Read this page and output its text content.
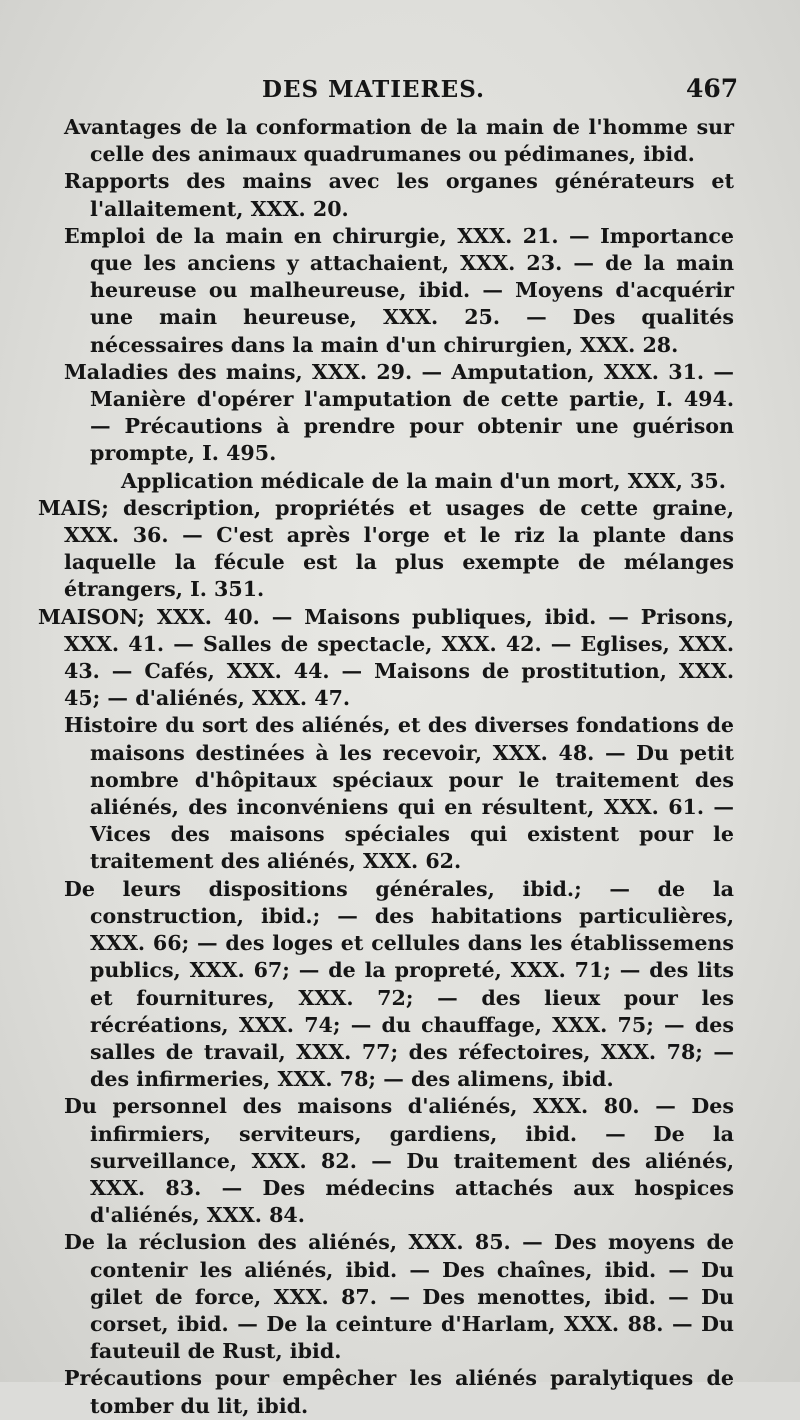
DES MATIERES.	467

Avantages de la conformation de la main de l'homme sur celle des animaux quadrumanes ou pédimanes, ibid.

Rapports des mains avec les organes générateurs et l'allaitement, XXX. 20.

Emploi de la main en chirurgie, XXX. 21. — Importance que les anciens y attachaient, XXX. 23. — de la main heureuse ou malheureuse, ibid. — Moyens d'acquérir une main heureuse, XXX. 25. — Des qualités nécessaires dans la main d'un chirurgien, XXX. 28.

Maladies des mains, XXX. 29. — Amputation, XXX. 31. — Manière d'opérer l'amputation de cette partie, I. 494. — Précautions à prendre pour obtenir une guérison prompte, I. 495.

Application médicale de la main d'un mort, XXX, 35.

MAIS; description, propriétés et usages de cette graine, XXX. 36. — C'est après l'orge et le riz la plante dans laquelle la fécule est la plus exempte de mélanges étrangers, I. 351.

MAISON; XXX. 40. — Maisons publiques, ibid. — Prisons, XXX. 41. — Salles de spectacle, XXX. 42. — Eglises, XXX. 43. — Cafés, XXX. 44. — Maisons de prostitution, XXX. 45; — d'aliénés, XXX. 47.

Histoire du sort des aliénés, et des diverses fondations de maisons destinées à les recevoir, XXX. 48. — Du petit nombre d'hôpitaux spéciaux pour le traitement des aliénés, des inconvéniens qui en résultent, XXX. 61. — Vices des maisons spéciales qui existent pour le traitement des aliénés, XXX. 62.

De leurs dispositions générales, ibid.; — de la construction, ibid.; — des habitations particulières, XXX. 66; — des loges et cellules dans les établissemens publics, XXX. 67; — de la propreté, XXX. 71; — des lits et fournitures, XXX. 72; — des lieux pour les récréations, XXX. 74; — du chauffage, XXX. 75; — des salles de travail, XXX. 77; des réfectoires, XXX. 78; — des infirmeries, XXX. 78; — des alimens, ibid.

Du personnel des maisons d'aliénés, XXX. 80. — Des infirmiers, serviteurs, gardiens, ibid. — De la surveillance, XXX. 82. — Du traitement des aliénés, XXX. 83. — Des médecins attachés aux hospices d'aliénés, XXX. 84.

De la réclusion des aliénés, XXX. 85. — Des moyens de contenir les aliénés, ibid. — Des chaînes, ibid. — Du gilet de force, XXX. 87. — Des menottes, ibid. — Du corset, ibid. — De la ceinture d'Harlam, XXX. 88. — Du fauteuil de Rust, ibid.

Précautions pour empêcher les aliénés paralytiques de tomber du lit, ibid.
